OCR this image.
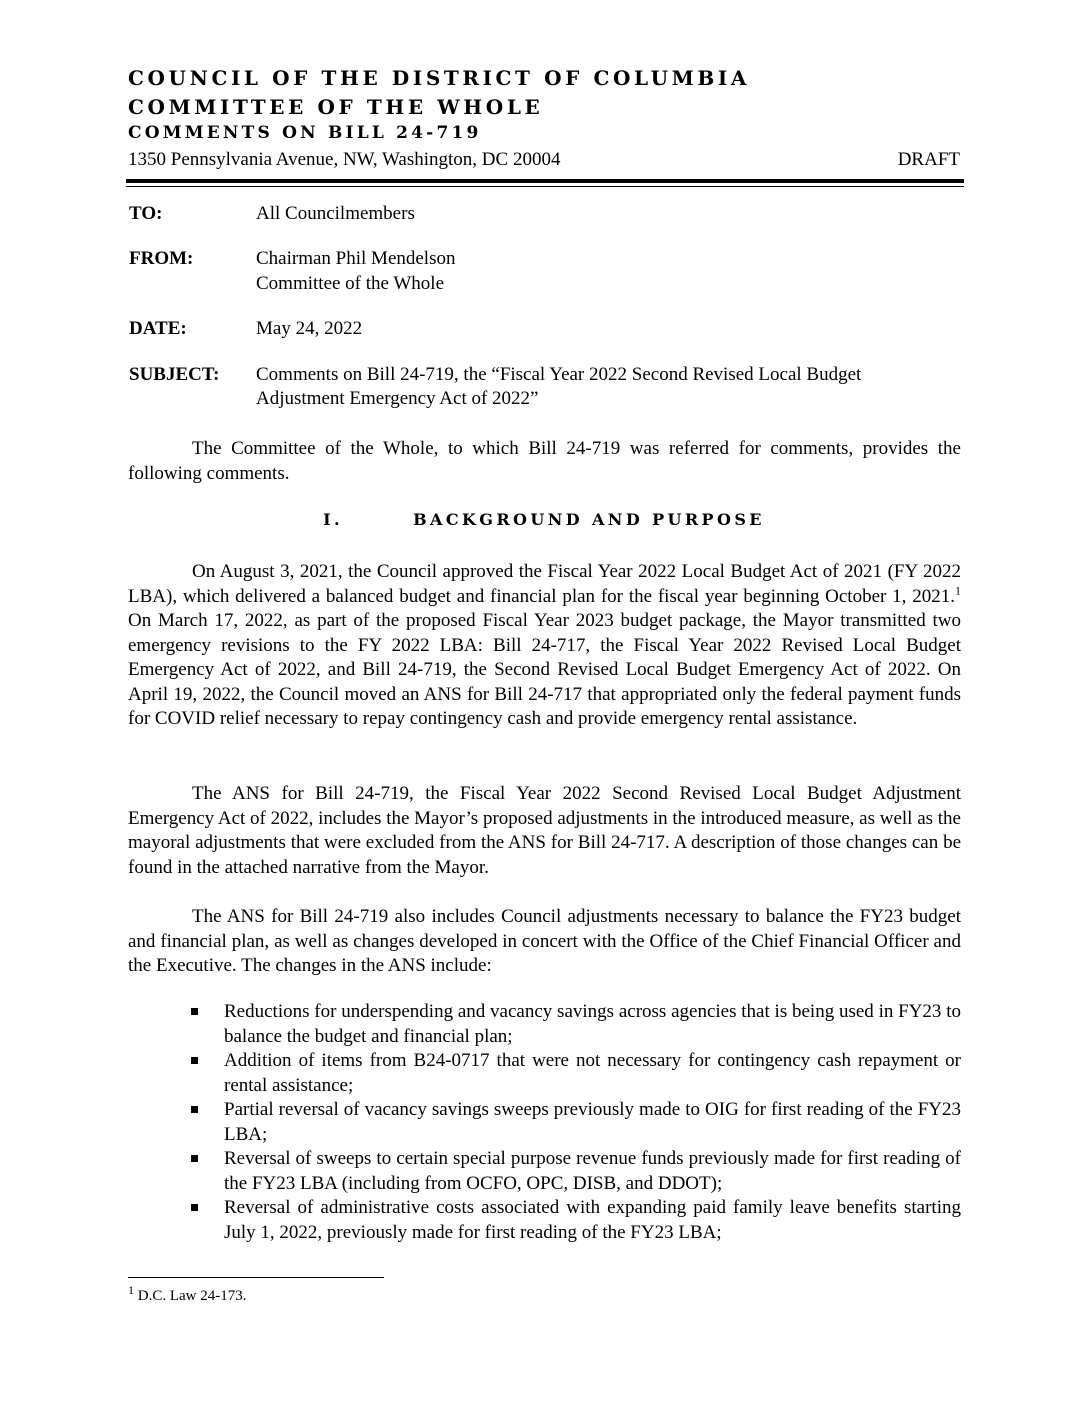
COUNCIL OF THE DISTRICT OF COLUMBIA
COMMITTEE OF THE WHOLE
COMMENTS ON BILL 24-719
1350 Pennsylvania Avenue, NW, Washington, DC 20004	DRAFT
TO:	All Councilmembers
FROM:	Chairman Phil Mendelson
Committee of the Whole
DATE:	May 24, 2022
SUBJECT: Comments on Bill 24-719, the “Fiscal Year 2022 Second Revised Local Budget
Adjustment Emergency Act of 2022”
The Committee of the Whole, to which Bill 24-719 was referred for comments, provides the following comments.
I.	BACKGROUND AND PURPOSE
On August 3, 2021, the Council approved the Fiscal Year 2022 Local Budget Act of 2021 (FY 2022 LBA), which delivered a balanced budget and financial plan for the fiscal year beginning October 1, 2021.$^1$ On March 17, 2022, as part of the proposed Fiscal Year 2023 budget package, the Mayor transmitted two emergency revisions to the FY 2022 LBA: Bill 24-717, the Fiscal Year 2022 Revised Local Budget Emergency Act of 2022, and Bill 24-719, the Second Revised Local Budget Emergency Act of 2022. On April 19, 2022, the Council moved an ANS for Bill 24-717 that appropriated only the federal payment funds for COVID relief necessary to repay contingency cash and provide emergency rental assistance.
The ANS for Bill 24-719, the Fiscal Year 2022 Second Revised Local Budget Adjustment Emergency Act of 2022, includes the Mayor’s proposed adjustments in the introduced measure, as well as the mayoral adjustments that were excluded from the ANS for Bill 24-717. A description of those changes can be found in the attached narrative from the Mayor.
The ANS for Bill 24-719 also includes Council adjustments necessary to balance the FY23 budget and financial plan, as well as changes developed in concert with the Office of the Chief Financial Officer and the Executive. The changes in the ANS include:
Reductions for underspending and vacancy savings across agencies that is being used in FY23 to balance the budget and financial plan;
Addition of items from B24-0717 that were not necessary for contingency cash repayment or rental assistance;
Partial reversal of vacancy savings sweeps previously made to OIG for first reading of the FY23 LBA;
Reversal of sweeps to certain special purpose revenue funds previously made for first reading of the FY23 LBA (including from OCFO, OPC, DISB, and DDOT);
Reversal of administrative costs associated with expanding paid family leave benefits starting July 1, 2022, previously made for first reading of the FY23 LBA;
$^1$ D.C. Law 24-173.
